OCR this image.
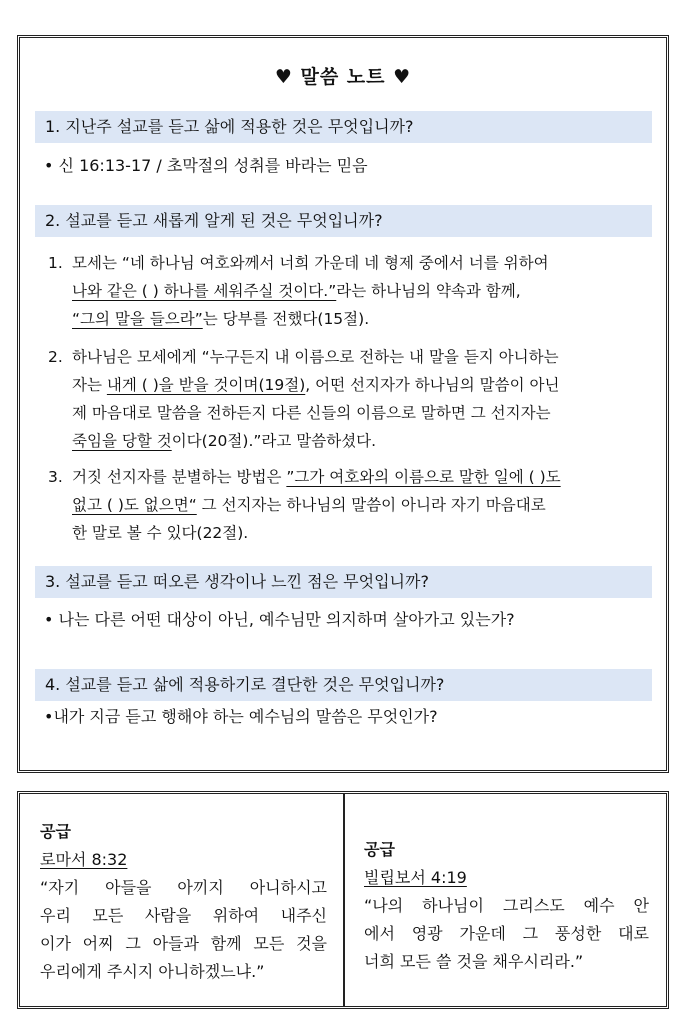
♥ 말씀 노트 ♥
1. 지난주 설교를 듣고 삶에 적용한 것은 무엇입니까?
• 신 16:13-17 / 초막절의 성취를 바라는 믿음
2. 설교를 듣고 새롭게 알게 된 것은 무엇입니까?
1. 모세는 “네 하나님 여호와께서 너희 가운데 네 형제 중에서 너를 위하여
나와 같은 ( ) 하나를 세워주실 것이다.”라는 하나님의 약속과 함께,
“그의 말을 들으라”는 당부를 전했다(15절).
2. 하나님은 모세에게 “누구든지 내 이름으로 전하는 내 말을 듣지 아니하는
자는 내게 ( )을 받을 것이며(19절), 어떤 선지자가 하나님의 말씀이 아닌
제 마음대로 말씀을 전하든지 다른 신들의 이름으로 말하면 그 선지자는
죽임을 당할 것이다(20절).”라고 말씀하셨다.
3. 거짓 선지자를 분별하는 방법은 ”그가 여호와의 이름으로 말한 일에 ( )도
없고 ( )도 없으면“ 그 선지자는 하나님의 말씀이 아니라 자기 마음대로
한 말로 볼 수 있다(22절).
3. 설교를 듣고 떠오른 생각이나 느낀 점은 무엇입니까?
• 나는 다른 어떤 대상이 아닌, 예수님만 의지하며 살아가고 있는가?
4. 설교를 듣고 삶에 적용하기로 결단한 것은 무엇입니까?
•내가 지금 듣고 행해야 하는 예수님의 말씀은 무엇인가?
공급
로마서 8:32
“자기 아들을 아끼지 아니하시고
우리 모든 사람을 위하여 내주신
이가 어찌 그 아들과 함께 모든 것을
우리에게 주시지 아니하겠느냐.”
공급
빌립보서 4:19
“나의 하나님이 그리스도 예수 안
에서 영광 가운데 그 풍성한 대로
너희 모든 쓸 것을 채우시리라.”
